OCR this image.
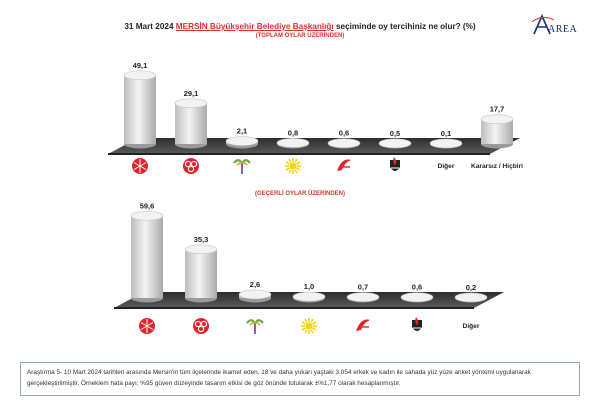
31 Mart 2024 MERSİN Büyükşehir Belediye Başkanlığı seçiminde oy tercihiniz ne olur? (%)
(TOPLAM OYLAR ÜZERİNDEN)
(GEÇERLİ OYLAR ÜZERİNDEN)
AREA
49,1
29,1
2,1	0,8	0,6	0,5	0,1
Diğer
17,7
Kararsız / Hiçbiri
59,6
35,3
2,6	1,0	0,7	0,6	0,2
Diğer
Araştırma 5- 10 Mart 2024 tarihleri arasında Mersin'in tüm ilçelerinde ikamet eden, 18 ve daha yukarı yaştaki 3.054 erkek ve kadın ile sahada yüz yüze anket yöntemi uygulanarak gerçekleştirilmiştir. Örneklem hata payı; %95 güven düzeyinde tasarım etkisi de göz önünde tutularak ±%1,77 olarak hesaplanmıştır.
